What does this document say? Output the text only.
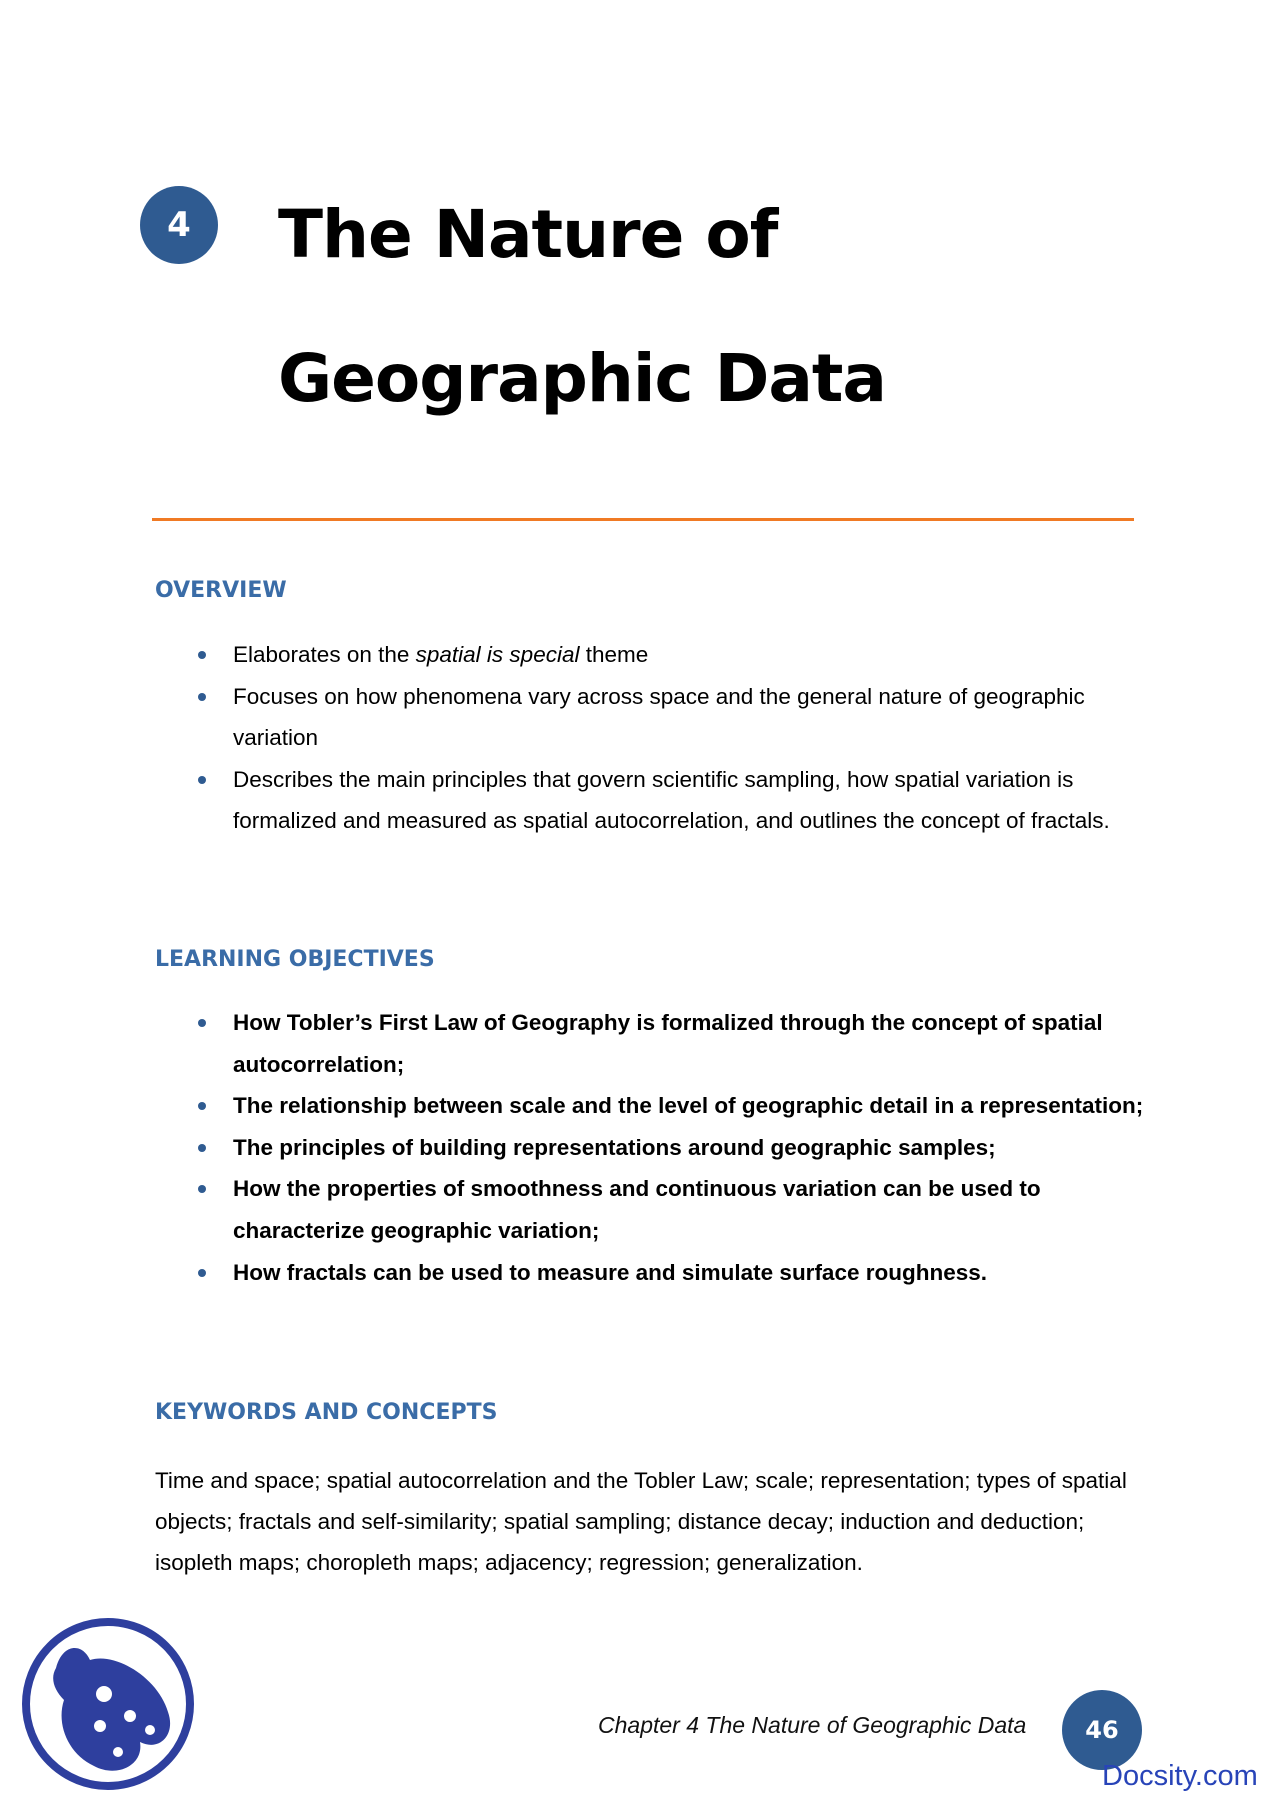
4	The Nature of
Geographic Data
OVERVIEW
Elaborates on the spatial is special theme
Focuses on how phenomena vary across space and the general nature of geographic variation
Describes the main principles that govern scientific sampling, how spatial variation is formalized and measured as spatial autocorrelation, and outlines the concept of fractals.
LEARNING OBJECTIVES
How Tobler’s First Law of Geography is formalized through the concept of spatial autocorrelation;
The relationship between scale and the level of geographic detail in a representation;
The principles of building representations around geographic samples;
How the properties of smoothness and continuous variation can be used to characterize geographic variation;
How fractals can be used to measure and simulate surface roughness.
KEYWORDS AND CONCEPTS

Time and space; spatial autocorrelation and the Tobler Law; scale; representation; types of spatial objects; fractals and self-similarity; spatial sampling; distance decay; induction and deduction; isopleth maps; choropleth maps; adjacency; regression; generalization.

Chapter 4 The Nature of Geographic Data	46
Docsity.com
